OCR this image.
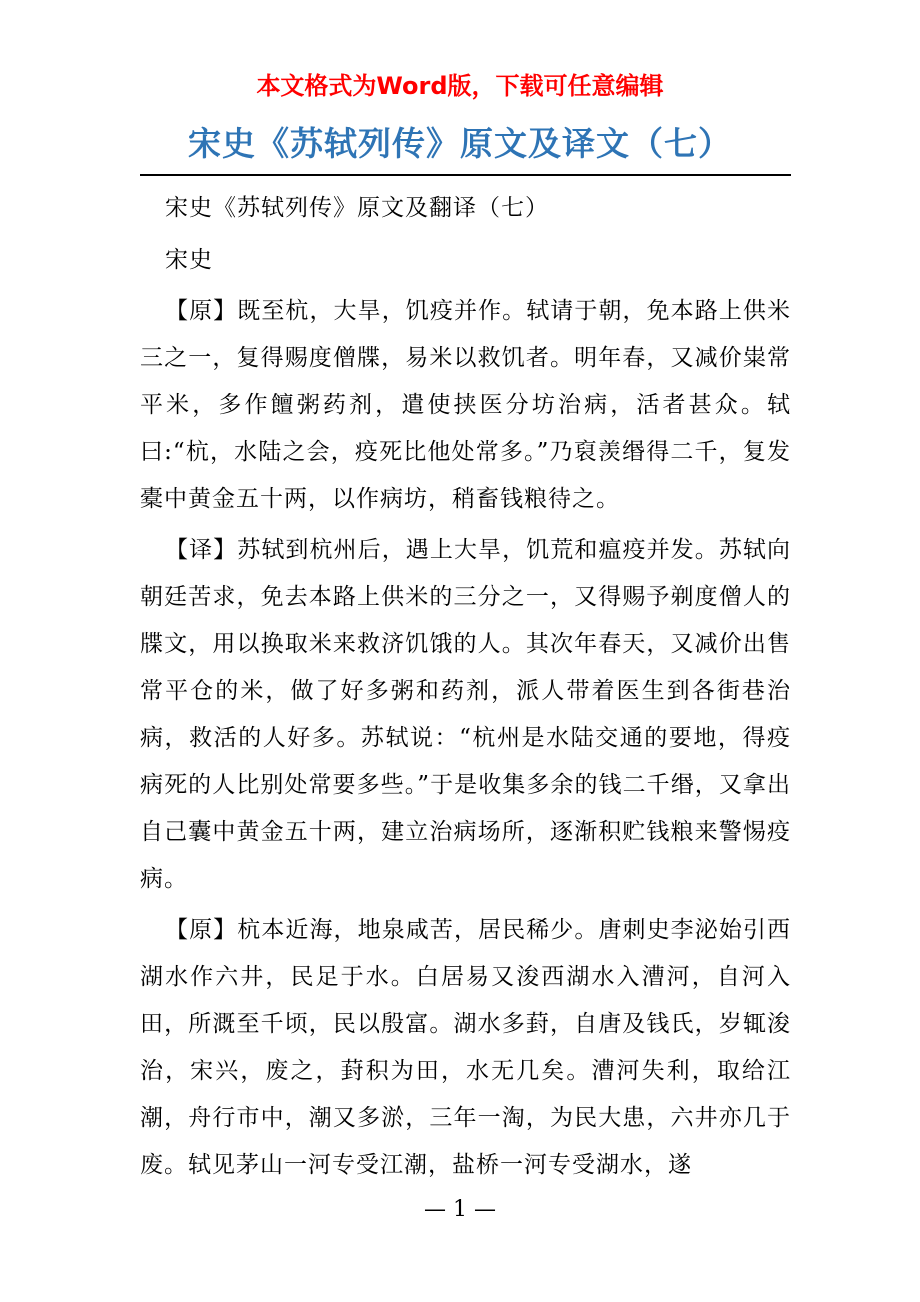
本文格式为Word版，下载可任意编辑
宋史《苏轼列传》原文及译文（七）

宋史《苏轼列传》原文及翻译（七）

宋史

【原】既至杭，大旱，饥疫并作。轼请于朝，免本路上供米三之一，复得赐度僧牒，易米以救饥者。明年春，又减价粜常平米，多作饘粥药剂，遣使挟医分坊治病，活者甚众。轼曰:“杭，水陆之会，疫死比他处常多。”乃裒羡缗得二千，复发橐中黄金五十两，以作病坊，稍畜钱粮待之。

【译】苏轼到杭州后，遇上大旱，饥荒和瘟疫并发。苏轼向朝廷苦求，免去本路上供米的三分之一，又得赐予剃度僧人的牒文，用以换取米来救济饥饿的人。其次年春天，又减价出售常平仓的米，做了好多粥和药剂，派人带着医生到各街巷治病，救活的人好多。苏轼说：“杭州是水陆交通的要地，得疫病死的人比别处常要多些。”于是收集多余的钱二千缗，又拿出自己囊中黄金五十两，建立治病场所，逐渐积贮钱粮来警惕疫病。

【原】杭本近海，地泉咸苦，居民稀少。唐刺史李泌始引西湖水作六井，民足于水。白居易又浚西湖水入漕河，自河入田，所溉至千顷，民以殷富。湖水多葑，自唐及钱氏，岁辄浚治，宋兴，废之，葑积为田，水无几矣。漕河失利，取给江潮，舟行市中，潮又多淤，三年一淘，为民大患，六井亦几于废。轼见茅山一河专受江潮，盐桥一河专受湖水，遂

— 1 —
